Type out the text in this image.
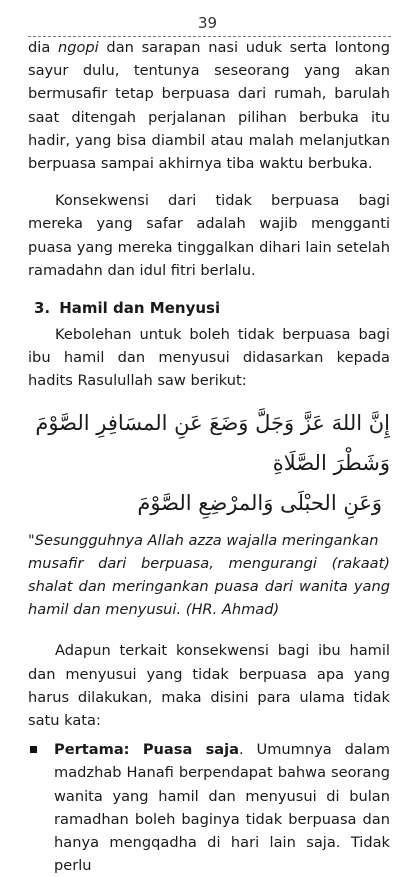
39

dia ngopi dan sarapan nasi uduk serta lontong sayur dulu, tentunya seseorang yang akan bermusafir tetap berpuasa dari rumah, barulah saat ditengah perjalanan pilihan berbuka itu hadir, yang bisa diambil atau malah melanjutkan berpuasa sampai akhirnya tiba waktu berbuka.

Konsekwensi dari tidak berpuasa bagi mereka yang safar adalah wajib mengganti puasa yang mereka tinggalkan dihari lain setelah ramadahn dan idul fitri berlalu.

3. Hamil dan Menyusi

Kebolehan untuk boleh tidak berpuasa bagi ibu hamil dan menyusui didasarkan kepada hadits Rasulullah saw berikut:

إِنَّ اللهَ عَزَّ وَجَلَّ وَضَعَ عَنِ المسَافِرِ الصَّوْمَ وَشَطْرَ الصَّلَاةِ
وَعَنِ الحبْلَى وَالمرْضِعِ الصَّوْمَ
"Sesungguhnya Allah azza wajalla meringankan
musafir dari berpuasa, mengurangi (rakaat) shalat dan meringankan puasa dari wanita yang hamil dan menyusui. (HR. Ahmad)

Adapun terkait konsekwensi bagi ibu hamil dan menyusui yang tidak berpuasa apa yang harus dilakukan, maka disini para ulama tidak satu kata:

Pertama: Puasa saja. Umumnya dalam madzhab Hanafi berpendapat bahwa seorang wanita yang hamil dan menyusui di bulan ramadhan boleh baginya tidak berpuasa dan hanya mengqadha di hari lain saja. Tidak perlu
